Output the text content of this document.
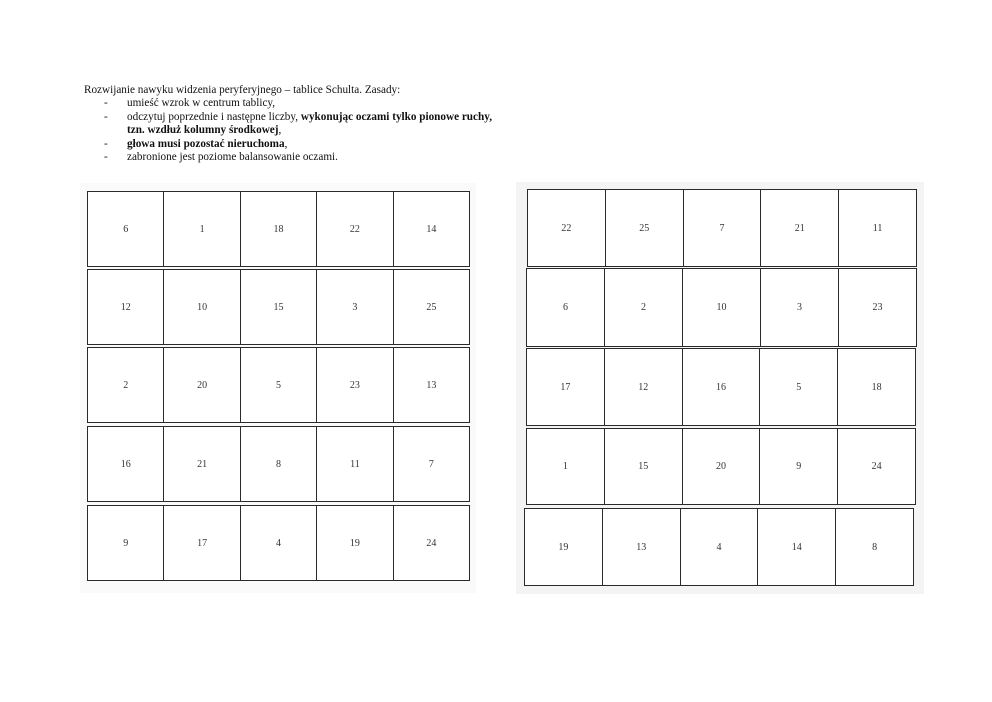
Rozwijanie nawyku widzenia peryferyjnego – tablice Schulta. Zasady:

- umieść wzrok w centrum tablicy,
- odczytuj poprzednie i następne liczby, wykonując oczami tylko pionowe ruchy, tzn. wzdłuż kolumny środkowej,
- głowa musi pozostać nieruchoma,
- zabronione jest poziome balansowanie oczami.
6	1	18	22	14
12	10	15	3	25
2	20	5	23	13
16	21	8	11	7
9	17	4	19	24
22	25	7	21	11
6	2	10	3	23
17	12	16	5	18
1	15	20	9	24
19	13	4	14	8
